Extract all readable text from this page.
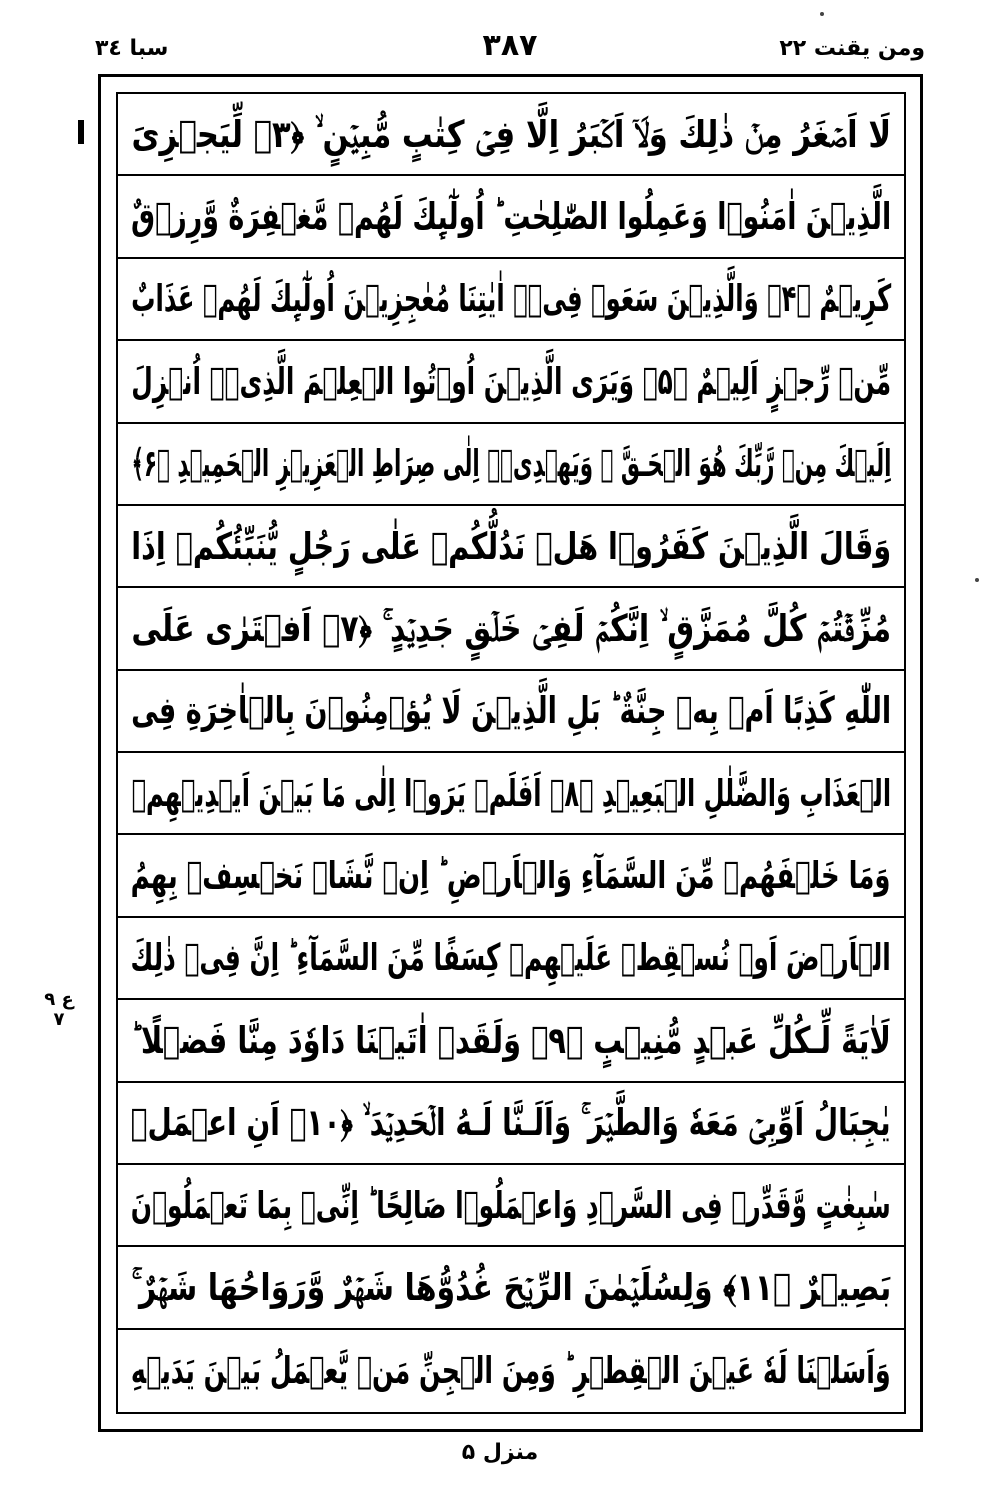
ومن یقنت ۲۲
۳۸۷
سبا ۳٤
لَا اَصۡغَرُ مِنۡ ذٰلِكَ وَلَاۤ اَكۡبَرُ اِلَّا فِىۡ كِتٰبٍ مُّبِيۡنٍ ۙ ﴿۳﴾ لِّيَجۡزِىَ
الَّذِيۡنَ اٰمَنُوۡا وَعَمِلُوا الصّٰلِحٰتِ ؕ اُولٰٓٮِٕكَ لَهُمۡ مَّغۡفِرَةٌ وَّرِزۡقٌ
كَرِيۡمٌ ﴿۴﴾ وَالَّذِيۡنَ سَعَوۡ فِىۡۤ اٰيٰتِنَا مُعٰجِزِيۡنَ اُولٰٓٮِٕكَ لَهُمۡ عَذَابٌ
مِّنۡ رِّجۡزٍ اَلِيۡمٌ ﴿۵﴾ وَيَرَى الَّذِيۡنَ اُوۡتُوا الۡعِلۡمَ الَّذِىۡۤ اُنۡزِلَ
اِلَيۡكَ مِنۡ رَّبِّكَ هُوَ الۡحَـقَّ ۙ وَيَهۡدِىۡۤ اِلٰى صِرَاطِ الۡعَزِيۡزِ الۡحَمِيۡدِ ﴿۶﴾
وَقَالَ الَّذِيۡنَ كَفَرُوۡا هَلۡ نَدُلُّكُمۡ عَلٰى رَجُلٍ يُّنَبِّئُكُمۡ اِذَا
مُزِّقۡتُمۡ كُلَّ مُمَزَّقٍ ۙ اِنَّكُمۡ لَفِىۡ خَلۡقٍ جَدِيۡدٍ ۚ ﴿۷﴾ اَفۡتَرٰى عَلَى
اللّٰهِ كَذِبًا اَمۡ بِهٖ جِنَّةٌ ؕ بَلِ الَّذِيۡنَ لَا يُؤۡمِنُوۡنَ بِالۡاٰخِرَةِ فِى
الۡعَذَابِ وَالضَّلٰلِ الۡبَعِيۡدِ ﴿۸﴾ اَفَلَمۡ يَرَوۡا اِلٰى مَا بَيۡنَ اَيۡدِيۡهِمۡ
وَمَا خَلۡفَهُمۡ مِّنَ السَّمَآءِ وَالۡاَرۡضِ ؕ اِنۡ نَّشَاۡ نَخۡسِفۡ بِهِمُ
الۡاَرۡضَ اَوۡ نُسۡقِطۡ عَلَيۡهِمۡ كِسَفًا مِّنَ السَّمَآءِ ؕ اِنَّ فِىۡ ذٰلِكَ
لَاٰيَةً لِّـكُلِّ عَبۡدٍ مُّنِيۡبٍ ﴿۹﴾ وَلَقَدۡ اٰتَيۡنَا دَاوٗدَ مِنَّا فَضۡلًا ؕ
يٰجِبَالُ اَوِّبِىۡ مَعَهٗ وَالطَّيۡرَ ۚ وَاَلَـنَّا لَـهُ الۡحَدِيۡدَ ۙ ﴿۱۰﴾ اَنِ اعۡمَلۡ
سٰبِغٰتٍ وَّقَدِّرۡ فِى السَّرۡدِ وَاعۡمَلُوۡا صَالِحًا ؕ اِنِّىۡ بِمَا تَعۡمَلُوۡنَ
بَصِيۡرٌ ﴿۱۱﴾ وَلِسُلَيۡمٰنَ الرِّيۡحَ غُدُوُّهَا شَهۡرٌ وَّرَوَاحُهَا شَهۡرٌ ۚ
وَاَسَلۡنَا لَهٗ عَيۡنَ الۡقِطۡرِ ؕ وَمِنَ الۡجِنِّ مَنۡ يَّعۡمَلُ بَيۡنَ يَدَيۡهِ
ع ۹ ۷
منزل ۵
